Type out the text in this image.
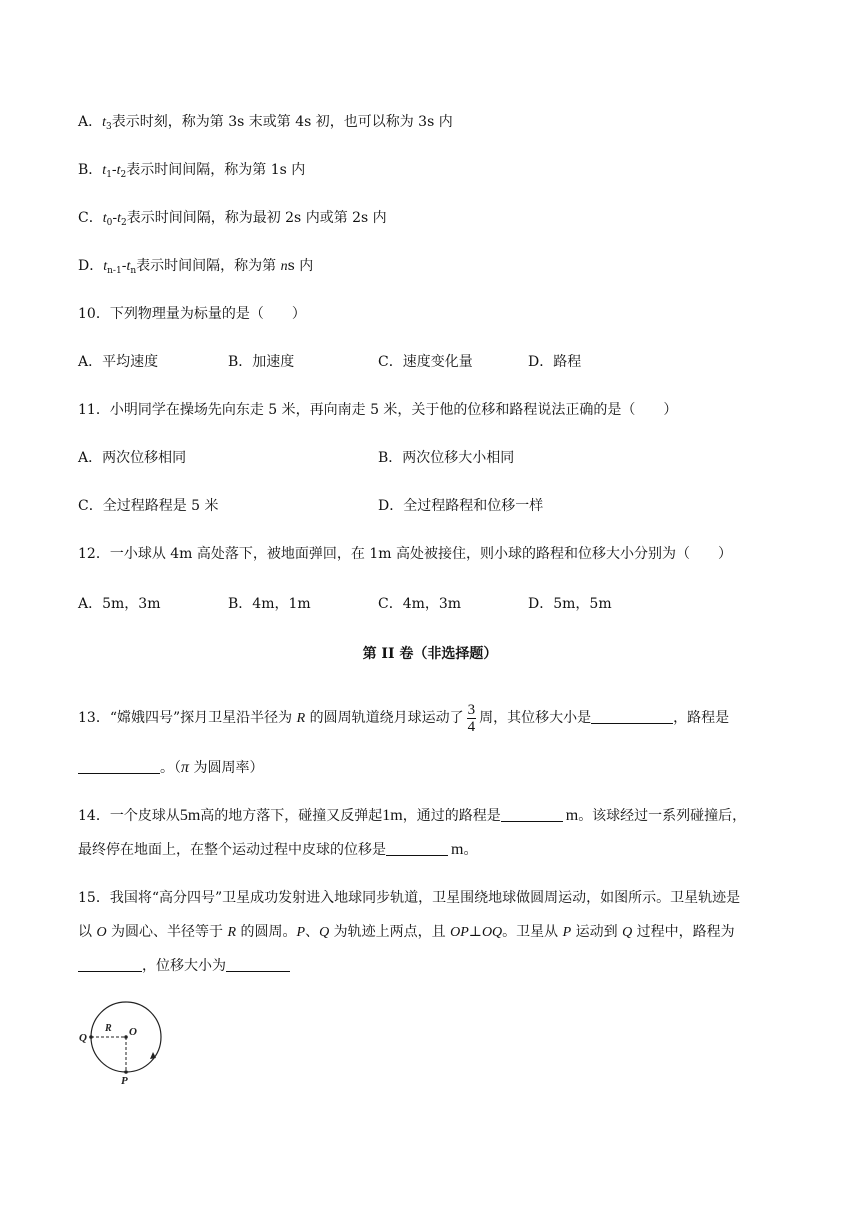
A．$t_3$表示时刻，称为第 3s 末或第 4s 初，也可以称为 3s 内
B．$t_1-t_2$表示时间间隔，称为第 1s 内
C．$t_0-t_2$表示时间间隔，称为最初 2s 内或第 2s 内
D．$t_{n-1}-t_n$表示时间间隔，称为第 ns 内
10．下列物理量为标量的是（　　）
A．平均速度	B．加速度	C．速度变化量	D．路程
11．小明同学在操场先向东走 5 米，再向南走 5 米，关于他的位移和路程说法正确的是（　　）
A．两次位移相同	B．两次位移大小相同
C．全过程路程是 5 米	D．全过程路程和位移一样
12．一小球从 4m 高处落下，被地面弹回，在 1m 高处被接住，则小球的路程和位移大小分别为（　　）
A．5m，3m	B．4m，1m	C．4m，3m	D．5m，5m
第 II 卷（非选择题）
13．“嫦娥四号”探月卫星沿半径为 R 的圆周轨道绕月球运动了 $\frac{3}{4}$ 周，其位移大小是	，路程是
。（π 为圆周率）
14．一个皮球从5m高的地方落下，碰撞又反弹起1m，通过的路程是	m。该球经过一系列碰撞后，
最终停在地面上，在整个运动过程中皮球的位移是	m。
15．我国将“高分四号”卫星成功发射进入地球同步轨道，卫星围绕地球做圆周运动，如图所示。卫星轨迹是
以 O 为圆心、半径等于 R 的圆周。P、Q 为轨迹上两点，且 OP⊥OQ。卫星从 P 运动到 Q 过程中，路程为
，位移大小为
Q
R O
P
